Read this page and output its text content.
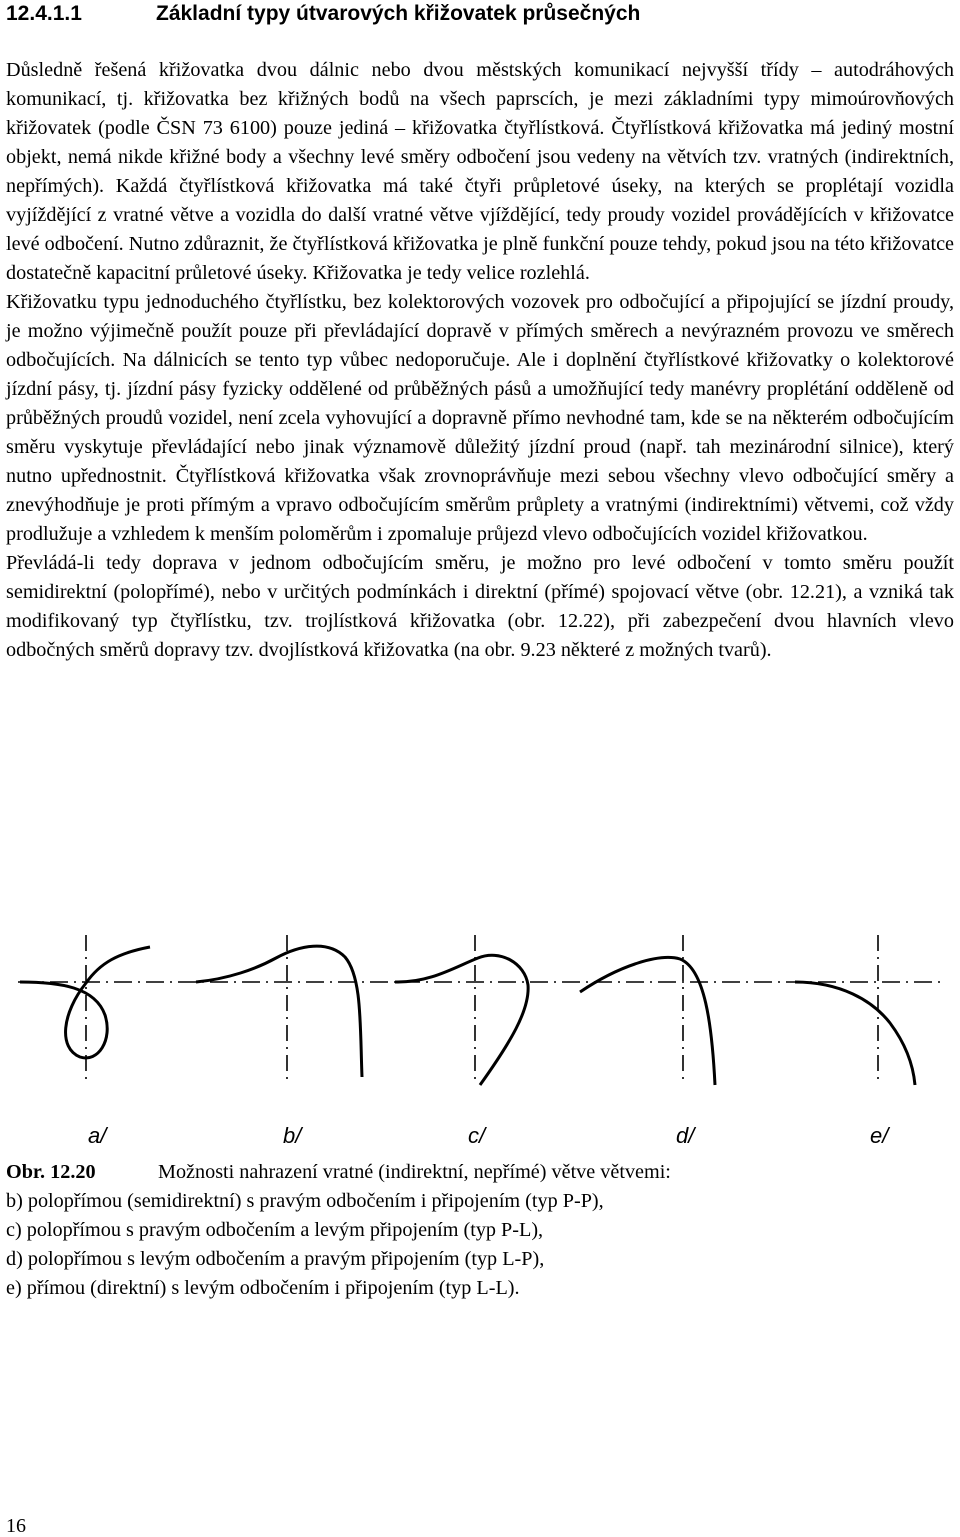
12.4.1.1	Základní typy útvarových křižovatek průsečných

Důsledně řešená křižovatka dvou dálnic nebo dvou městských komunikací nejvyšší třídy – autodráhových komunikací, tj. křižovatka bez křižných bodů na všech paprscích, je mezi základními typy mimoúrovňových křižovatek (podle ČSN 73 6100) pouze jediná – křižovatka čtyřlístková. Čtyřlístková křižovatka má jediný mostní objekt, nemá nikde křižné body a všechny levé směry odbočení jsou vedeny na větvích tzv. vratných (indirektních, nepřímých). Každá čtyřlístková křižovatka má také čtyři průpletové úseky, na kterých se proplétají vozidla vyjíždějící z vratné větve a vozidla do další vratné větve vjíždějící, tedy proudy vozidel provádějících v křižovatce levé odbočení. Nutno zdůraznit, že čtyřlístková křižovatka je plně funkční pouze tehdy, pokud jsou na této křižovatce dostatečně kapacitní průletové úseky. Křižovatka je tedy velice rozlehlá.

Křižovatku typu jednoduchého čtyřlístku, bez kolektorových vozovek pro odbočující a připojující se jízdní proudy, je možno výjimečně použít pouze při převládající dopravě v přímých směrech a nevýrazném provozu ve směrech odbočujících. Na dálnicích se tento typ vůbec nedoporučuje. Ale i doplnění čtyřlístkové křižovatky o kolektorové jízdní pásy, tj. jízdní pásy fyzicky oddělené od průběžných pásů a umožňující tedy manévry proplétání odděleně od průběžných proudů vozidel, není zcela vyhovující a dopravně přímo nevhodné tam, kde se na některém odbočujícím směru vyskytuje převládající nebo jinak významově důležitý jízdní proud (např. tah mezinárodní silnice), který nutno upřednostnit. Čtyřlístková křižovatka však zrovnoprávňuje mezi sebou všechny vlevo odbočující směry a znevýhodňuje je proti přímým a vpravo odbočujícím směrům průplety a vratnými (indirektními) větvemi, což vždy prodlužuje a vzhledem k menším poloměrům i zpomaluje průjezd vlevo odbočujících vozidel křižovatkou.

Převládá-li tedy doprava v jednom odbočujícím směru, je možno pro levé odbočení v tomto směru použít semidirektní (polopřímé), nebo v určitých podmínkách i direktní (přímé) spojovací větve (obr. 12.21), a vzniká tak modifikovaný typ čtyřlístku, tzv. trojlístková křižovatka (obr. 12.22), při zabezpečení dvou hlavních vlevo odbočných směrů dopravy tzv. dvojlístková křižovatka (na obr. 9.23 některé z možných tvarů).

a/	b/	c/	d/	e/
Obr. 12.20	Možnosti nahrazení vratné (indirektní, nepřímé) větve větvemi:
b) polopřímou (semidirektní) s pravým odbočením i připojením (typ P-P),
c) polopřímou s pravým odbočením a levým připojením (typ P-L),
d) polopřímou s levým odbočením a pravým připojením (typ L-P),
e) přímou (direktní) s levým odbočením i připojením (typ L-L).
16
